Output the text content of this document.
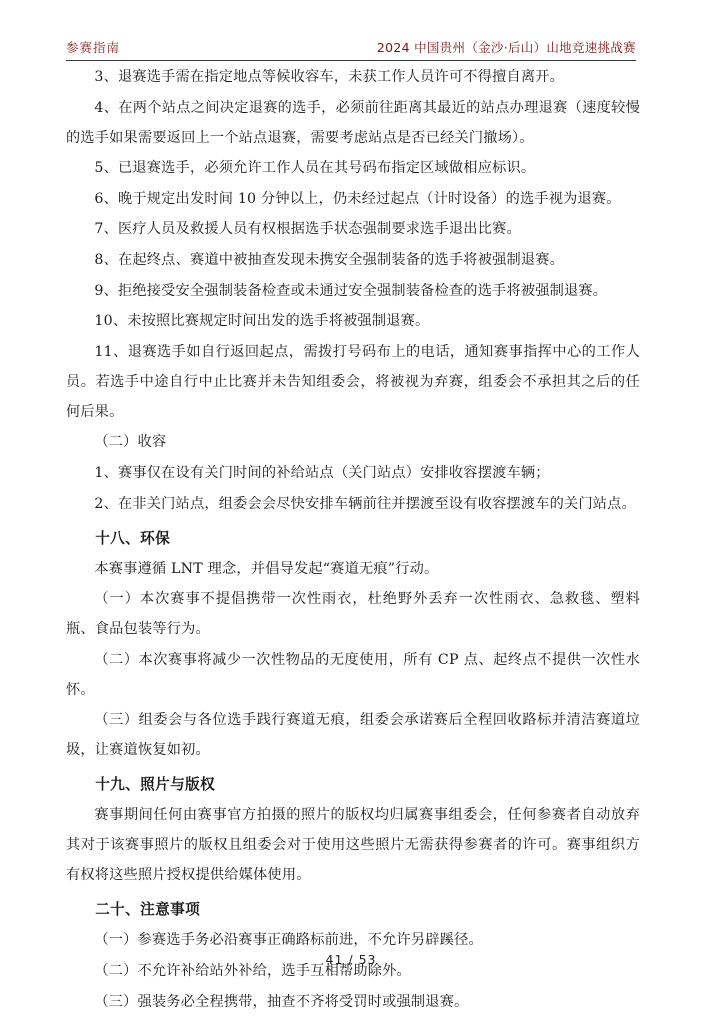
参赛指南	2024 中国贵州（金沙·后山）山地竞速挑战赛

3、退赛选手需在指定地点等候收容车，未获工作人员许可不得擅自离开。

4、在两个站点之间决定退赛的选手，必须前往距离其最近的站点办理退赛（速度较慢的选手如果需要返回上一个站点退赛，需要考虑站点是否已经关门撤场）。

5、已退赛选手，必须允许工作人员在其号码布指定区域做相应标识。

6、晚于规定出发时间 10 分钟以上，仍未经过起点（计时设备）的选手视为退赛。

7、医疗人员及救援人员有权根据选手状态强制要求选手退出比赛。

8、在起终点、赛道中被抽查发现未携安全强制装备的选手将被强制退赛。

9、拒绝接受安全强制装备检查或未通过安全强制装备检查的选手将被强制退赛。

10、未按照比赛规定时间出发的选手将被强制退赛。

11、退赛选手如自行返回起点，需拨打号码布上的电话，通知赛事指挥中心的工作人员。若选手中途自行中止比赛并未告知组委会，将被视为弃赛，组委会不承担其之后的任何后果。

（二）收容

1、赛事仅在设有关门时间的补给站点（关门站点）安排收容摆渡车辆；

2、在非关门站点，组委会会尽快安排车辆前往并摆渡至设有收容摆渡车的关门站点。

十八、环保

本赛事遵循 LNT 理念，并倡导发起“赛道无痕”行动。

（一）本次赛事不提倡携带一次性雨衣，杜绝野外丢弃一次性雨衣、急救毯、塑料瓶、食品包装等行为。

（二）本次赛事将减少一次性物品的无度使用，所有 CP 点、起终点不提供一次性水怀。

（三）组委会与各位选手践行赛道无痕，组委会承诺赛后全程回收路标并清洁赛道垃圾，让赛道恢复如初。

十九、照片与版权

赛事期间任何由赛事官方拍摄的照片的版权均归属赛事组委会，任何参赛者自动放弃其对于该赛事照片的版权且组委会对于使用这些照片无需获得参赛者的许可。赛事组织方有权将这些照片授权提供给媒体使用。

二十、注意事项

（一）参赛选手务必沿赛事正确路标前进，不允许另辟蹊径。

（二）不允许补给站外补给，选手互相帮助除外。

（三）强装务必全程携带，抽查不齐将受罚时或强制退赛。

41 / 53
